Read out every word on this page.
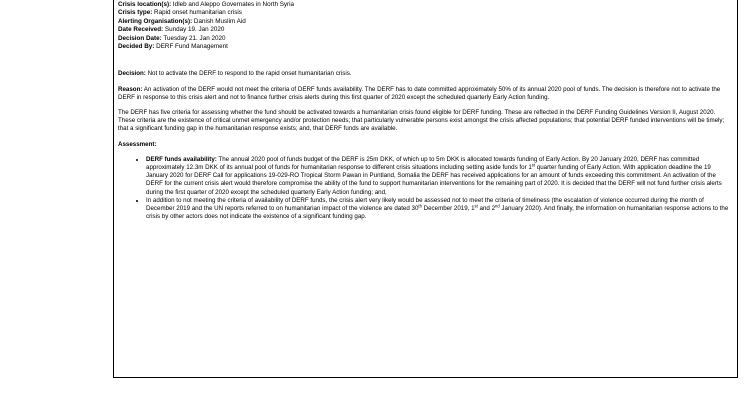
Crisis location(s): Idleb and Aleppo Governates in North Syria
Crisis type: Rapid onset humanitarian crisis
Alerting Organisation(s): Danish Muslim Aid
Date Received: Sunday 19. Jan 2020
Decision Date: Tuesday 21. Jan 2020
Decided By: DERF Fund Management

Decision: Not to activate the DERF to respond to the rapid onset humanitarian crisis.

Reason: An activation of the DERF would not meet the criteria of DERF funds availability. The DERF has to date committed approximately 50% of its annual 2020 pool of funds. The decision is therefore not to activate the DERF in response to this crisis alert and not to finance further crisis alerts during this first quarter of 2020 except the scheduled quarterly Early Action funding.

The DERF has five criteria for assessing whether the fund should be activated towards a humanitarian crisis found eligible for DERF funding. These are reflected in the DERF Funding Guidelines Version II, August 2020. These criteria are the existence of critical unmet emergency and/or protection needs; that particularly vulnerable persons exist amongst the crisis affected populations; that potential DERF funded interventions will be timely; that a significant funding gap in the humanitarian response exists; and, that DERF funds are available.

Assessment:

• DERF funds availability: The annual 2020 pool of funds budget of the DERF is 25m DKK, of which up to 5m DKK is allocated towards funding of Early Action. By 20 January 2020, DERF has committed approximately 12.3m DKK of its annual pool of funds for humanitarian response to different crisis situations including setting aside funds for 1st quarter funding of Early Action. With application deadline the 19 January 2020 for DERF Call for applications 19-029-RO Tropical Storm Pawan in Puntland, Somalia the DERF has received applications for an amount of funds exceeding this commitment. An activation of the DERF for the current crisis alert would therefore compromise the ability of the fund to support humanitarian interventions for the remaining part of 2020. It is decided that the DERF will not fund further crisis alerts during the first quarter of 2020 except the scheduled quarterly Early Action funding; and,
• In addition to not meeting the criteria of availability of DERF funds, the crisis alert very likely would be assessed not to meet the criteria of timeliness (the escalation of violence occurred during the month of December 2019 and the UN reports referred to on humanitarian impact of the violence are dated 30th December 2019, 1st and 2nd January 2020). And finally, the information on humanitarian response actions to the crisis by other actors does not indicate the existence of a significant funding gap.
